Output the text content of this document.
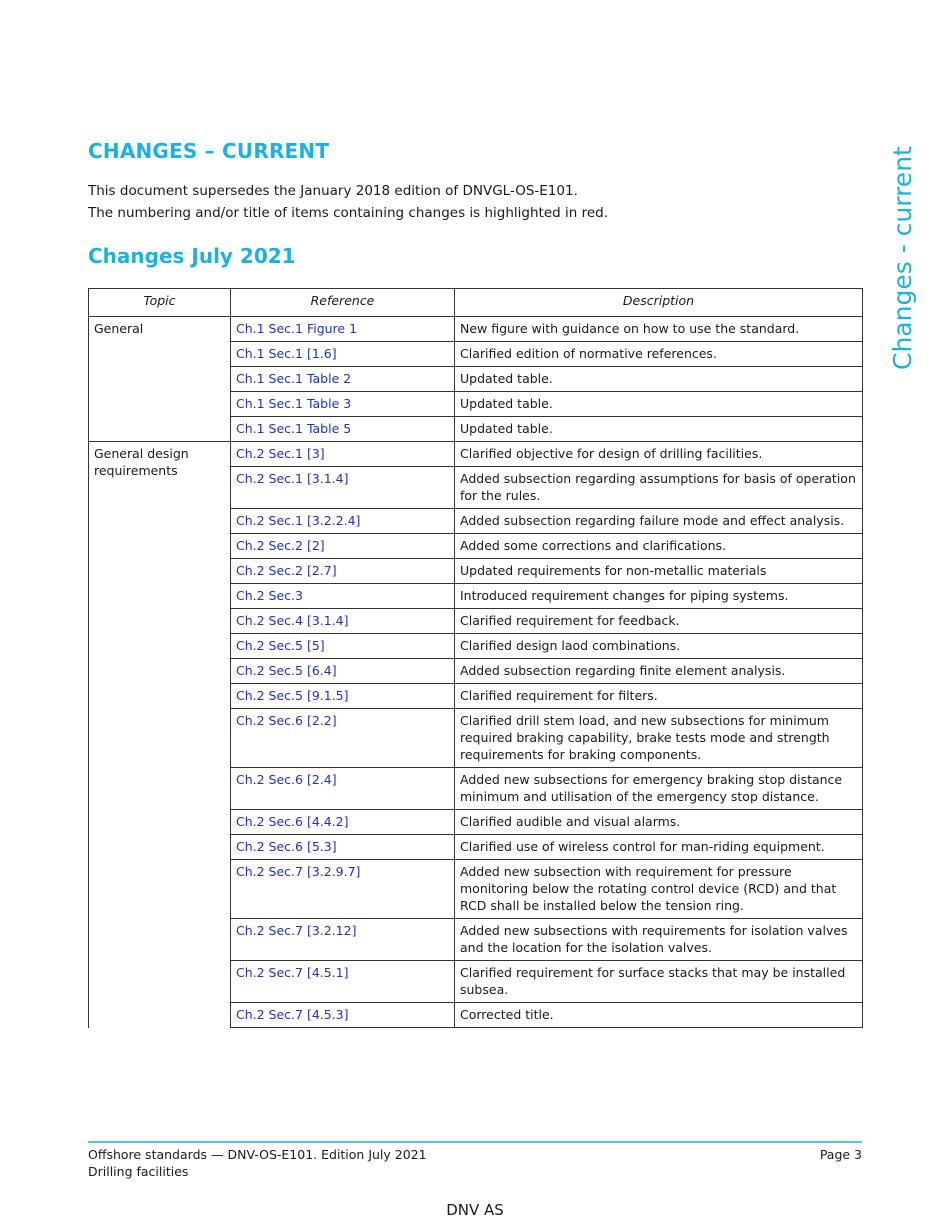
CHANGES – CURRENT
This document supersedes the January 2018 edition of DNVGL-OS-E101.
The numbering and/or title of items containing changes is highlighted in red.
Changes July 2021	Changes - current
Topic	Reference	Description
General	Ch.1 Sec.1 Figure 1	New figure with guidance on how to use the standard.
	Ch.1 Sec.1 [1.6]	Clarified edition of normative references.
	Ch.1 Sec.1 Table 2	Updated table.
	Ch.1 Sec.1 Table 3	Updated table.
	Ch.1 Sec.1 Table 5	Updated table.
General design requirements	Ch.2 Sec.1 [3]	Clarified objective for design of drilling facilities.
	Ch.2 Sec.1 [3.1.4]	Added subsection regarding assumptions for basis of operation for the rules.
	Ch.2 Sec.1 [3.2.2.4]	Added subsection regarding failure mode and effect analysis.
	Ch.2 Sec.2 [2]	Added some corrections and clarifications.
	Ch.2 Sec.2 [2.7]	Updated requirements for non-metallic materials
	Ch.2 Sec.3	Introduced requirement changes for piping systems.
	Ch.2 Sec.4 [3.1.4]	Clarified requirement for feedback.
	Ch.2 Sec.5 [5]	Clarified design laod combinations.
	Ch.2 Sec.5 [6.4]	Added subsection regarding finite element analysis.
	Ch.2 Sec.5 [9.1.5]	Clarified requirement for filters.
	Ch.2 Sec.6 [2.2]	Clarified drill stem load, and new subsections for minimum required braking capability, brake tests mode and strength requirements for braking components.
	Ch.2 Sec.6 [2.4]	Added new subsections for emergency braking stop distance minimum and utilisation of the emergency stop distance.
	Ch.2 Sec.6 [4.4.2]	Clarified audible and visual alarms.
	Ch.2 Sec.6 [5.3]	Clarified use of wireless control for man-riding equipment.
	Ch.2 Sec.7 [3.2.9.7]	Added new subsection with requirement for pressure monitoring below the rotating control device (RCD) and that RCD shall be installed below the tension ring.
	Ch.2 Sec.7 [3.2.12]	Added new subsections with requirements for isolation valves and the location for the isolation valves.
	Ch.2 Sec.7 [4.5.1]	Clarified requirement for surface stacks that may be installed subsea.
	Ch.2 Sec.7 [4.5.3]	Corrected title.
Offshore standards — DNV-OS-E101. Edition July 2021
Drilling facilities
Page 3
DNV AS
